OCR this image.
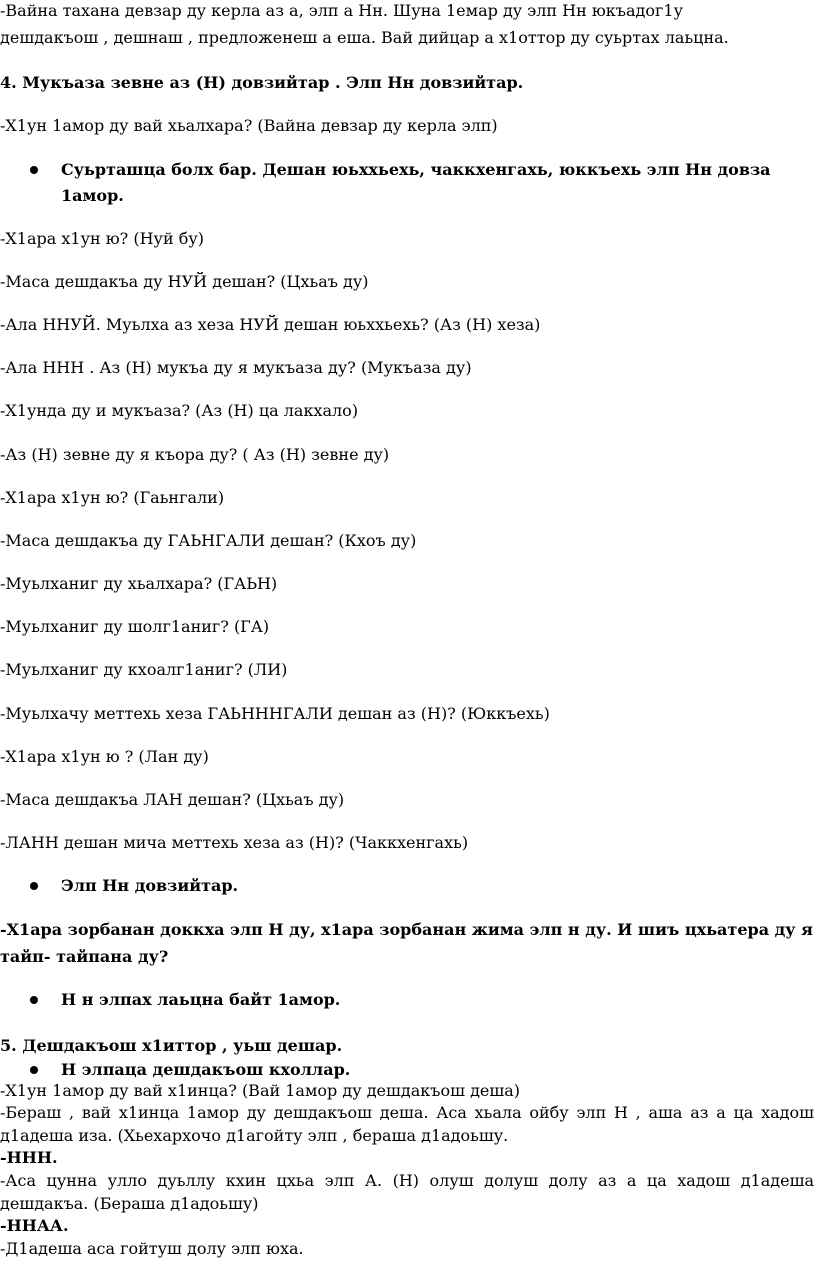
-Вайна тахана девзар ду керла аз а, элп а Нн. Шуна 1емар ду элп Нн юкъадог1у

дешдакъош , дешнаш , предложенеш а еша. Вай дийцар а х1оттор ду суьртах лаьцна.

4. Мукъаза зевне аз (Н) довзийтар . Элп Нн довзийтар.

-Х1ун 1амор ду вай хьалхара? (Вайна девзар ду керла элп)

Суьрташца болх бар. Дешан юьххьехь, чаккхенгахь, юккъехь элп Нн довза

1амор.

-Х1ара х1ун ю? (Нуй бу)

-Маса дешдакъа ду НУЙ дешан? (Цхьаъ ду)

-Ала ННУЙ. Муьлха аз хеза НУЙ дешан юьххьехь? (Аз (Н) хеза)

-Ала ННН . Аз (Н) мукъа ду я мукъаза ду? (Мукъаза ду)

-Х1унда ду и мукъаза? (Аз (Н) ца лакхало)

-Аз (Н) зевне ду я къора ду? ( Аз (Н) зевне ду)

-Х1ара х1ун ю? (Гаьнгали)

-Маса дешдакъа ду ГАЬНГАЛИ дешан? (Кхоъ ду)

-Муьлханиг ду хьалхара? (ГАЬН)

-Муьлханиг ду шолг1аниг? (ГА)

-Муьлханиг ду кхоалг1аниг? (ЛИ)

-Муьлхачу меттехь хеза ГАЬНННГАЛИ дешан аз (Н)? (Юккъехь)

-Х1ара х1ун ю ? (Лан ду)

-Маса дешдакъа ЛАН дешан? (Цхьаъ ду)

-ЛАНН дешан мича меттехь хеза аз (Н)? (Чаккхенгахь)

Элп Нн довзийтар.

-Х1ара зорбанан доккха элп Н ду, х1ара зорбанан жима элп н ду. И шиъ цхьатера ду я

тайп- тайпана ду?

Н н элпах лаьцна байт 1амор.

5. Дешдакъош х1иттор , уьш дешар.

Н элпаца дешдакъош кхоллар.

-Х1ун 1амор ду вай х1инца? (Вай 1амор ду дешдакъош деша)

-Бераш , вай х1инца 1амор ду дешдакъош деша. Аса хьала ойбу элп Н , аша аз а ца хадош

д1адеша иза. (Хьехархочо д1агойту элп , бераша д1адоьшу.

-ННН.

-Аса цунна улло дуьллу кхин цхьа элп А. (Н) олуш долуш долу аз а ца хадош д1адеша

дешдакъа. (Бераша д1адоьшу)

-ННАА.

-Д1адеша аса гойтуш долу элп юха.
